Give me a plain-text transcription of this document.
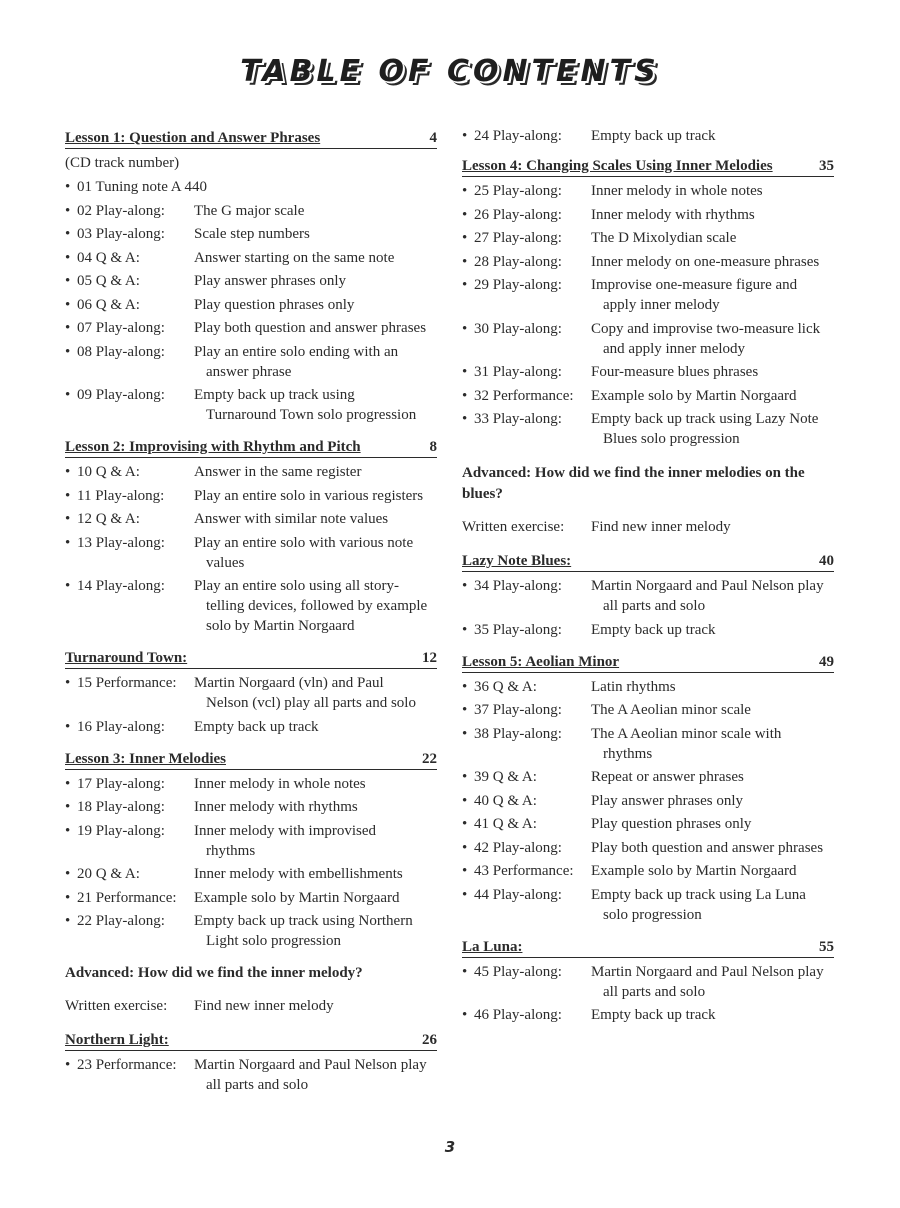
TABLE OF CONTENTS
Lesson 1: Question and Answer Phrases	4
(CD track number)
• 01 Tuning note A 440
• 02 Play-along:	The G major scale
• 03 Play-along:	Scale step numbers
• 04 Q & A:	Answer starting on the same note
• 05 Q & A:	Play answer phrases only
• 06 Q & A:	Play question phrases only
• 07 Play-along:	Play both question and answer phrases
• 08 Play-along:	Play an entire solo ending with an
answer phrase
• 09 Play-along:	Empty back up track using
Turnaround Town solo progression
Lesson 2: Improvising with Rhythm and Pitch	8
• 10 Q & A:	Answer in the same register
• 11 Play-along:	Play an entire solo in various registers
• 12 Q & A:	Answer with similar note values
• 13 Play-along:	Play an entire solo with various note
values
• 14 Play-along:	Play an entire solo using all story-
telling devices, followed by example
solo by Martin Norgaard
Turnaround Town:	12
• 15 Performance:	Martin Norgaard (vln) and Paul
Nelson (vcl) play all parts and solo
• 16 Play-along:	Empty back up track
Lesson 3: Inner Melodies	22
• 17 Play-along:	Inner melody in whole notes
• 18 Play-along:	Inner melody with rhythms
• 19 Play-along:	Inner melody with improvised
rhythms
• 20 Q & A:	Inner melody with embellishments
• 21 Performance:	Example solo by Martin Norgaard
• 22 Play-along:	Empty back up track using Northern
Light solo progression
Advanced: How did we find the inner melody?
Written exercise:	Find new inner melody
Northern Light:	26
• 23 Performance:	Martin Norgaard and Paul Nelson play
all parts and solo
• 24 Play-along:	Empty back up track
Lesson 4: Changing Scales Using Inner Melodies	35
• 25 Play-along:	Inner melody in whole notes
• 26 Play-along:	Inner melody with rhythms
• 27 Play-along:	The D Mixolydian scale
• 28 Play-along:	Inner melody on one-measure phrases
• 29 Play-along:	Improvise one-measure figure and
apply inner melody
• 30 Play-along:	Copy and improvise two-measure lick
and apply inner melody
• 31 Play-along:	Four-measure blues phrases
• 32 Performance:	Example solo by Martin Norgaard
• 33 Play-along:	Empty back up track using Lazy Note
Blues solo progression
Advanced: How did we find the inner melodies on the blues?
Written exercise:	Find new inner melody
Lazy Note Blues:	40
• 34 Play-along:	Martin Norgaard and Paul Nelson play
all parts and solo
• 35 Play-along:	Empty back up track
Lesson 5: Aeolian Minor	49
• 36 Q & A:	Latin rhythms
• 37 Play-along:	The A Aeolian minor scale
• 38 Play-along:	The A Aeolian minor scale with
rhythms
• 39 Q & A:	Repeat or answer phrases
• 40 Q & A:	Play answer phrases only
• 41 Q & A:	Play question phrases only
• 42 Play-along:	Play both question and answer phrases
• 43 Performance:	Example solo by Martin Norgaard
• 44 Play-along:	Empty back up track using La Luna
solo progression
La Luna:	55
• 45 Play-along:	Martin Norgaard and Paul Nelson play
all parts and solo
• 46 Play-along:	Empty back up track
3
